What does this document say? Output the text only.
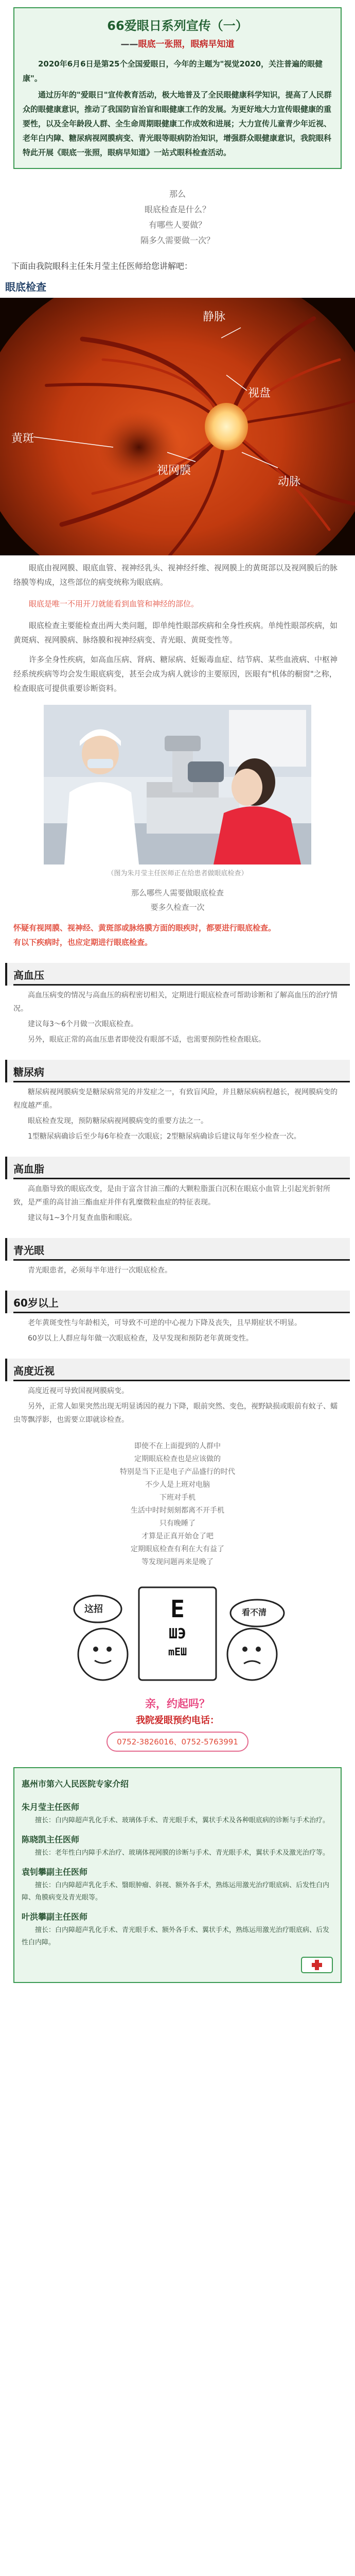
66爱眼日系列宣传（一）
——眼底一张照，眼病早知道

2020年6月6日是第25个全国爱眼日，今年的主题为"视觉2020，关注普遍的眼健康"。

通过历年的"爱眼日"宣传教育活动，极大地普及了全民眼健康科学知识，提高了人民群众的眼健康意识，推动了我国防盲治盲和眼健康工作的发展。为更好地大力宣传眼健康的重要性，以及全年龄段人群、全生命周期眼健康工作成效和进展；大力宣传儿童青少年近视、老年白内障、糖尿病视网膜病变、青光眼等眼病防治知识，增强群众眼健康意识，我院眼科特此开展《眼底一张照，眼病早知道》一站式眼科检查活动。

那么
眼底检查是什么？
有哪些人要做？
隔多久需要做一次？
下面由我院眼科主任朱月莹主任医师给您讲解吧：
眼底检查
静脉
视盘
黄斑
视网膜
动脉

眼底由视网膜、眼底血管、视神经乳头、视神经纤维、视网膜上的黄斑部以及视网膜后的脉络膜等构成，这些部位的病变统称为眼底病。

眼底是唯一不用开刀就能看到血管和神经的部位。

眼底检查主要能检查出两大类问题，即单纯性眼部疾病和全身性疾病。单纯性眼部疾病，如黄斑病、视网膜病、脉络膜和视神经病变、青光眼、黄斑变性等。

许多全身性疾病，如高血压病、肾病、糖尿病、妊娠毒血症、结节病、某些血液病、中枢神经系统疾病等均会发生眼底病变，甚至会成为病人就诊的主要原因，医眼有"机体的橱窗"之称，检查眼底可提供重要诊断资料。

（图为朱月莹主任医师正在给患者做眼底检查）
那么哪些人需要做眼底检查
要多久检查一次
怀疑有视网膜、视神经、黄斑部或脉络膜方面的眼疾时，都要进行眼底检查。
有以下疾病时，也应定期进行眼底检查。
高血压

高血压病变的情况与高血压的病程密切相关，定期进行眼底检查可帮助诊断和了解高血压的治疗情况。

建议每3～6个月做一次眼底检查。

另外，眼底正常的高血压患者即使没有眼部不适，也需要预防性检查眼底。

糖尿病

糖尿病视网膜病变是糖尿病常见的并发症之一，有致盲风险，并且糖尿病病程越长，视网膜病变的程度越严重。

眼底检查发现，预防糖尿病视网膜病变的重要方法之一。

1型糖尿病确诊后至少每6年检查一次眼底；2型糖尿病确诊后建议每年至少检查一次。

高血脂

高血脂导致的眼底改变，是由于富含甘油三酯的大颗粒脂蛋白沉积在眼底小血管上引起光折射所致，是严重的高甘油三酯血症并伴有乳糜微粒血症的特征表现。

建议每1~3个月复查血脂和眼底。

青光眼

青光眼患者，必须每半年进行一次眼底检查。

60岁以上

老年黄斑变性与年龄相关，可导致不可逆的中心视力下降及丧失，且早期症状不明显。

60岁以上人群应每年做一次眼底检查，及早发现和预防老年黄斑变性。

高度近视

高度近视可导致国视网膜病变。

另外，正常人如果突然出现无明显诱因的视力下降，眼前突然、变色，视野缺损或眼前有蚊子、蠕虫等飘浮影，也需要立即就诊检查。

即使不在上面提到的人群中
定期眼底检查也是应该做的
特别是当下正是电子产品盛行的时代
不少人是上班对电脑
下班对手机
生活中时时刻刻都离不开手机
只有晚睡了
才算是正真开始仓了吧
定期眼底检查有利在大有益了
等发现问题再来是晚了
这招	看不清
E
ШЭ
mEШ
亲，约起吗？
我院爱眼预约电话：
0752-3826016、0752-5763991
惠州市第六人民医院专家介绍
朱月莹主任医师

擅长：白内障超声乳化手术、玻璃体手术、青光眼手术，翼状手术及各种眼底病的诊断与手术治疗。

陈晓凯主任医师

擅长：老年性白内障手术治疗、玻璃体视网膜的诊断与手术、青光眼手术，翼状手术及激光治疗等。

袁钊攀副主任医师

擅长：白内障超声乳化手术、翳眼肿瘤、斜视、额外各手术，熟练运用激光治疗眼底病、后发性白内障、角膜病变及青光眼等。

叶洪攀副主任医师

擅长：白内障超声乳化手术、青光眼手术、额外各手术、翼状手术，熟练运用激光治疗眼底病、后发性白内障。
